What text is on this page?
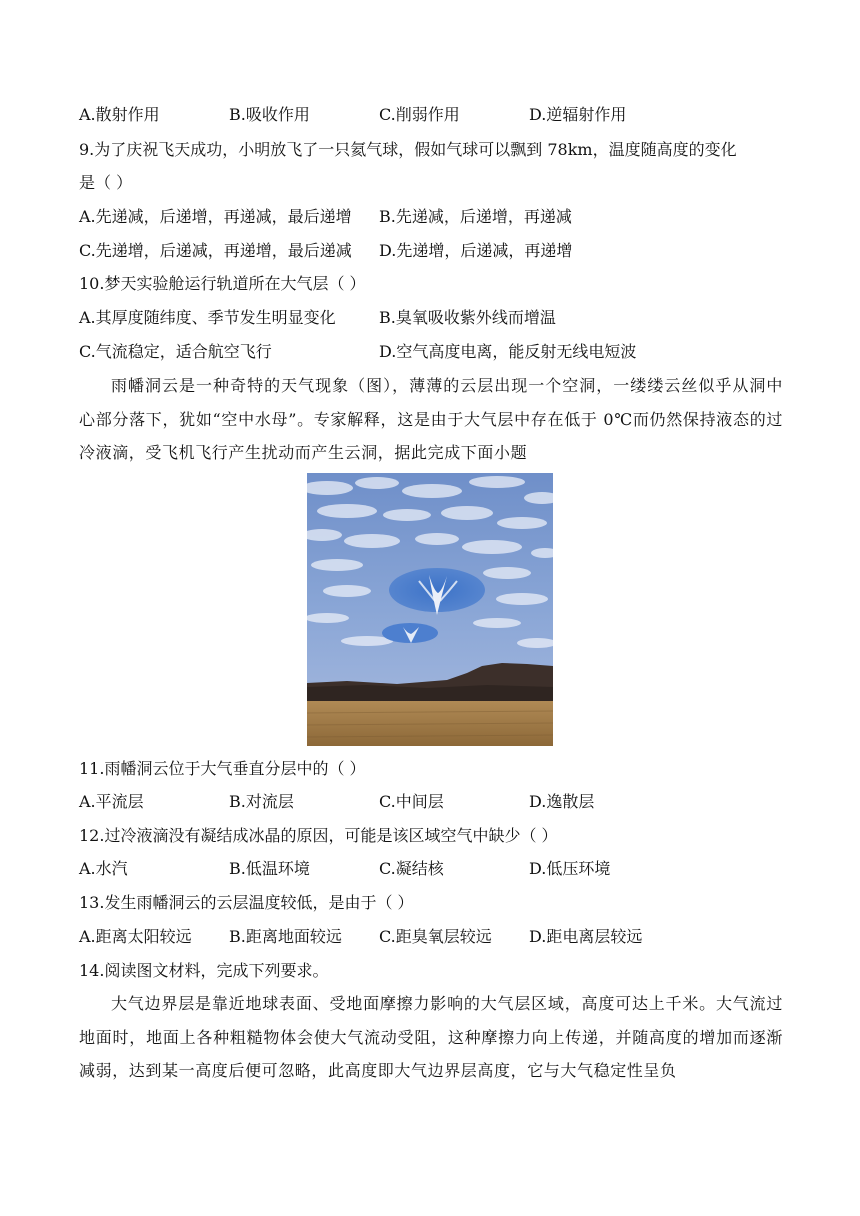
A.散射作用	B.吸收作用	C.削弱作用	D.逆辐射作用
9.为了庆祝飞天成功，小明放飞了一只氦气球，假如气球可以飘到 78km，温度随高度的变化
是（ ）
A.先递减，后递增，再递减，最后递增 B.先递减，后递增，再递减
C.先递增，后递减，再递增，最后递减 D.先递增，后递减，再递增
10.梦天实验舱运行轨道所在大气层（ ）
A.其厚度随纬度、季节发生明显变化	B.臭氧吸收紫外线而增温
C.气流稳定，适合航空飞行	D.空气高度电离，能反射无线电短波
雨幡洞云是一种奇特的天气现象（图），薄薄的云层出现一个空洞，一缕缕云丝似乎从洞中心部分落下，犹如“空中水母”。专家解释，这是由于大气层中存在低于 0℃而仍然保持液态的过冷液滴，受飞机飞行产生扰动而产生云洞，据此完成下面小题
11.雨幡洞云位于大气垂直分层中的（ ）
A.平流层	B.对流层	C.中间层	D.逸散层
12.过冷液滴没有凝结成冰晶的原因，可能是该区域空气中缺少（ ）
A.水汽	B.低温环境	C.凝结核	D.低压环境
13.发生雨幡洞云的云层温度较低，是由于（ ）
A.距离太阳较远 B.距离地面较远 C.距臭氧层较远 D.距电离层较远
14.阅读图文材料，完成下列要求。
大气边界层是靠近地球表面、受地面摩擦力影响的大气层区域，高度可达上千米。大气流过地面时，地面上各种粗糙物体会使大气流动受阻，这种摩擦力向上传递，并随高度的增加而逐渐减弱，达到某一高度后便可忽略，此高度即大气边界层高度，它与大气稳定性呈负
